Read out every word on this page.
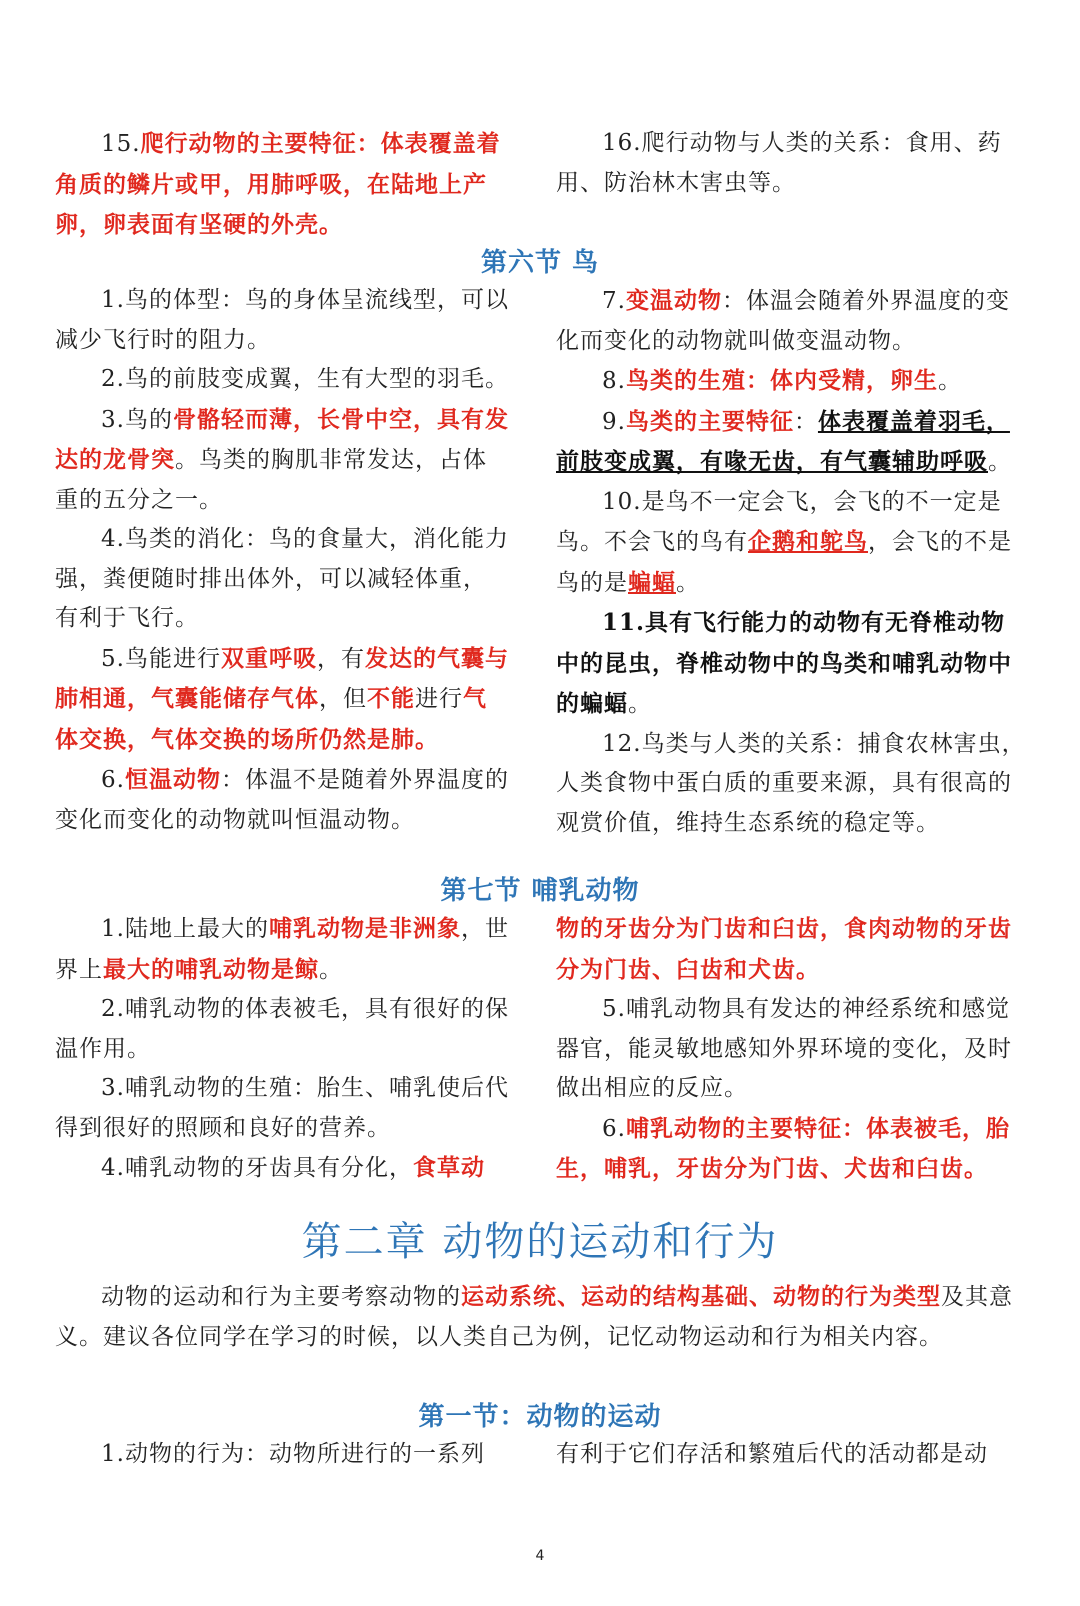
15.爬行动物的主要特征：体表覆盖着角质的鳞片或甲，用肺呼吸，在陆地上产卵，卵表面有坚硬的外壳。

16.爬行动物与人类的关系：食用、药用、防治林木害虫等。

第六节 鸟

1.鸟的体型：鸟的身体呈流线型，可以减少飞行时的阻力。

2.鸟的前肢变成翼，生有大型的羽毛。

3.鸟的骨骼轻而薄，长骨中空，具有发达的龙骨突。鸟类的胸肌非常发达，占体重的五分之一。

4.鸟类的消化：鸟的食量大，消化能力强，粪便随时排出体外，可以减轻体重，有利于飞行。

5.鸟能进行双重呼吸，有发达的气囊与肺相通，气囊能储存气体，但不能进行气体交换，气体交换的场所仍然是肺。

6.恒温动物：体温不是随着外界温度的变化而变化的动物就叫恒温动物。

7.变温动物：体温会随着外界温度的变化而变化的动物就叫做变温动物。

8.鸟类的生殖：体内受精，卵生。

9.鸟类的主要特征：体表覆盖着羽毛，前肢变成翼，有喙无齿，有气囊辅助呼吸。

10.是鸟不一定会飞，会飞的不一定是鸟。不会飞的鸟有企鹅和鸵鸟，会飞的不是鸟的是蝙蝠。

11.具有飞行能力的动物有无脊椎动物中的昆虫，脊椎动物中的鸟类和哺乳动物中的蝙蝠。

12.鸟类与人类的关系：捕食农林害虫，人类食物中蛋白质的重要来源，具有很高的观赏价值，维持生态系统的稳定等。

第七节 哺乳动物

1.陆地上最大的哺乳动物是非洲象，世界上最大的哺乳动物是鲸。

2.哺乳动物的体表被毛，具有很好的保温作用。

3.哺乳动物的生殖：胎生、哺乳使后代得到很好的照顾和良好的营养。

4.哺乳动物的牙齿具有分化，食草动

物的牙齿分为门齿和臼齿，食肉动物的牙齿分为门齿、臼齿和犬齿。

5.哺乳动物具有发达的神经系统和感觉器官，能灵敏地感知外界环境的变化，及时做出相应的反应。

6.哺乳动物的主要特征：体表被毛，胎生，哺乳，牙齿分为门齿、犬齿和臼齿。

第二章 动物的运动和行为

动物的运动和行为主要考察动物的运动系统、运动的结构基础、动物的行为类型及其意义。建议各位同学在学习的时候，以人类自己为例，记忆动物运动和行为相关内容。

第一节：动物的运动

1.动物的行为：动物所进行的一系列	有利于它们存活和繁殖后代的活动都是动

4
